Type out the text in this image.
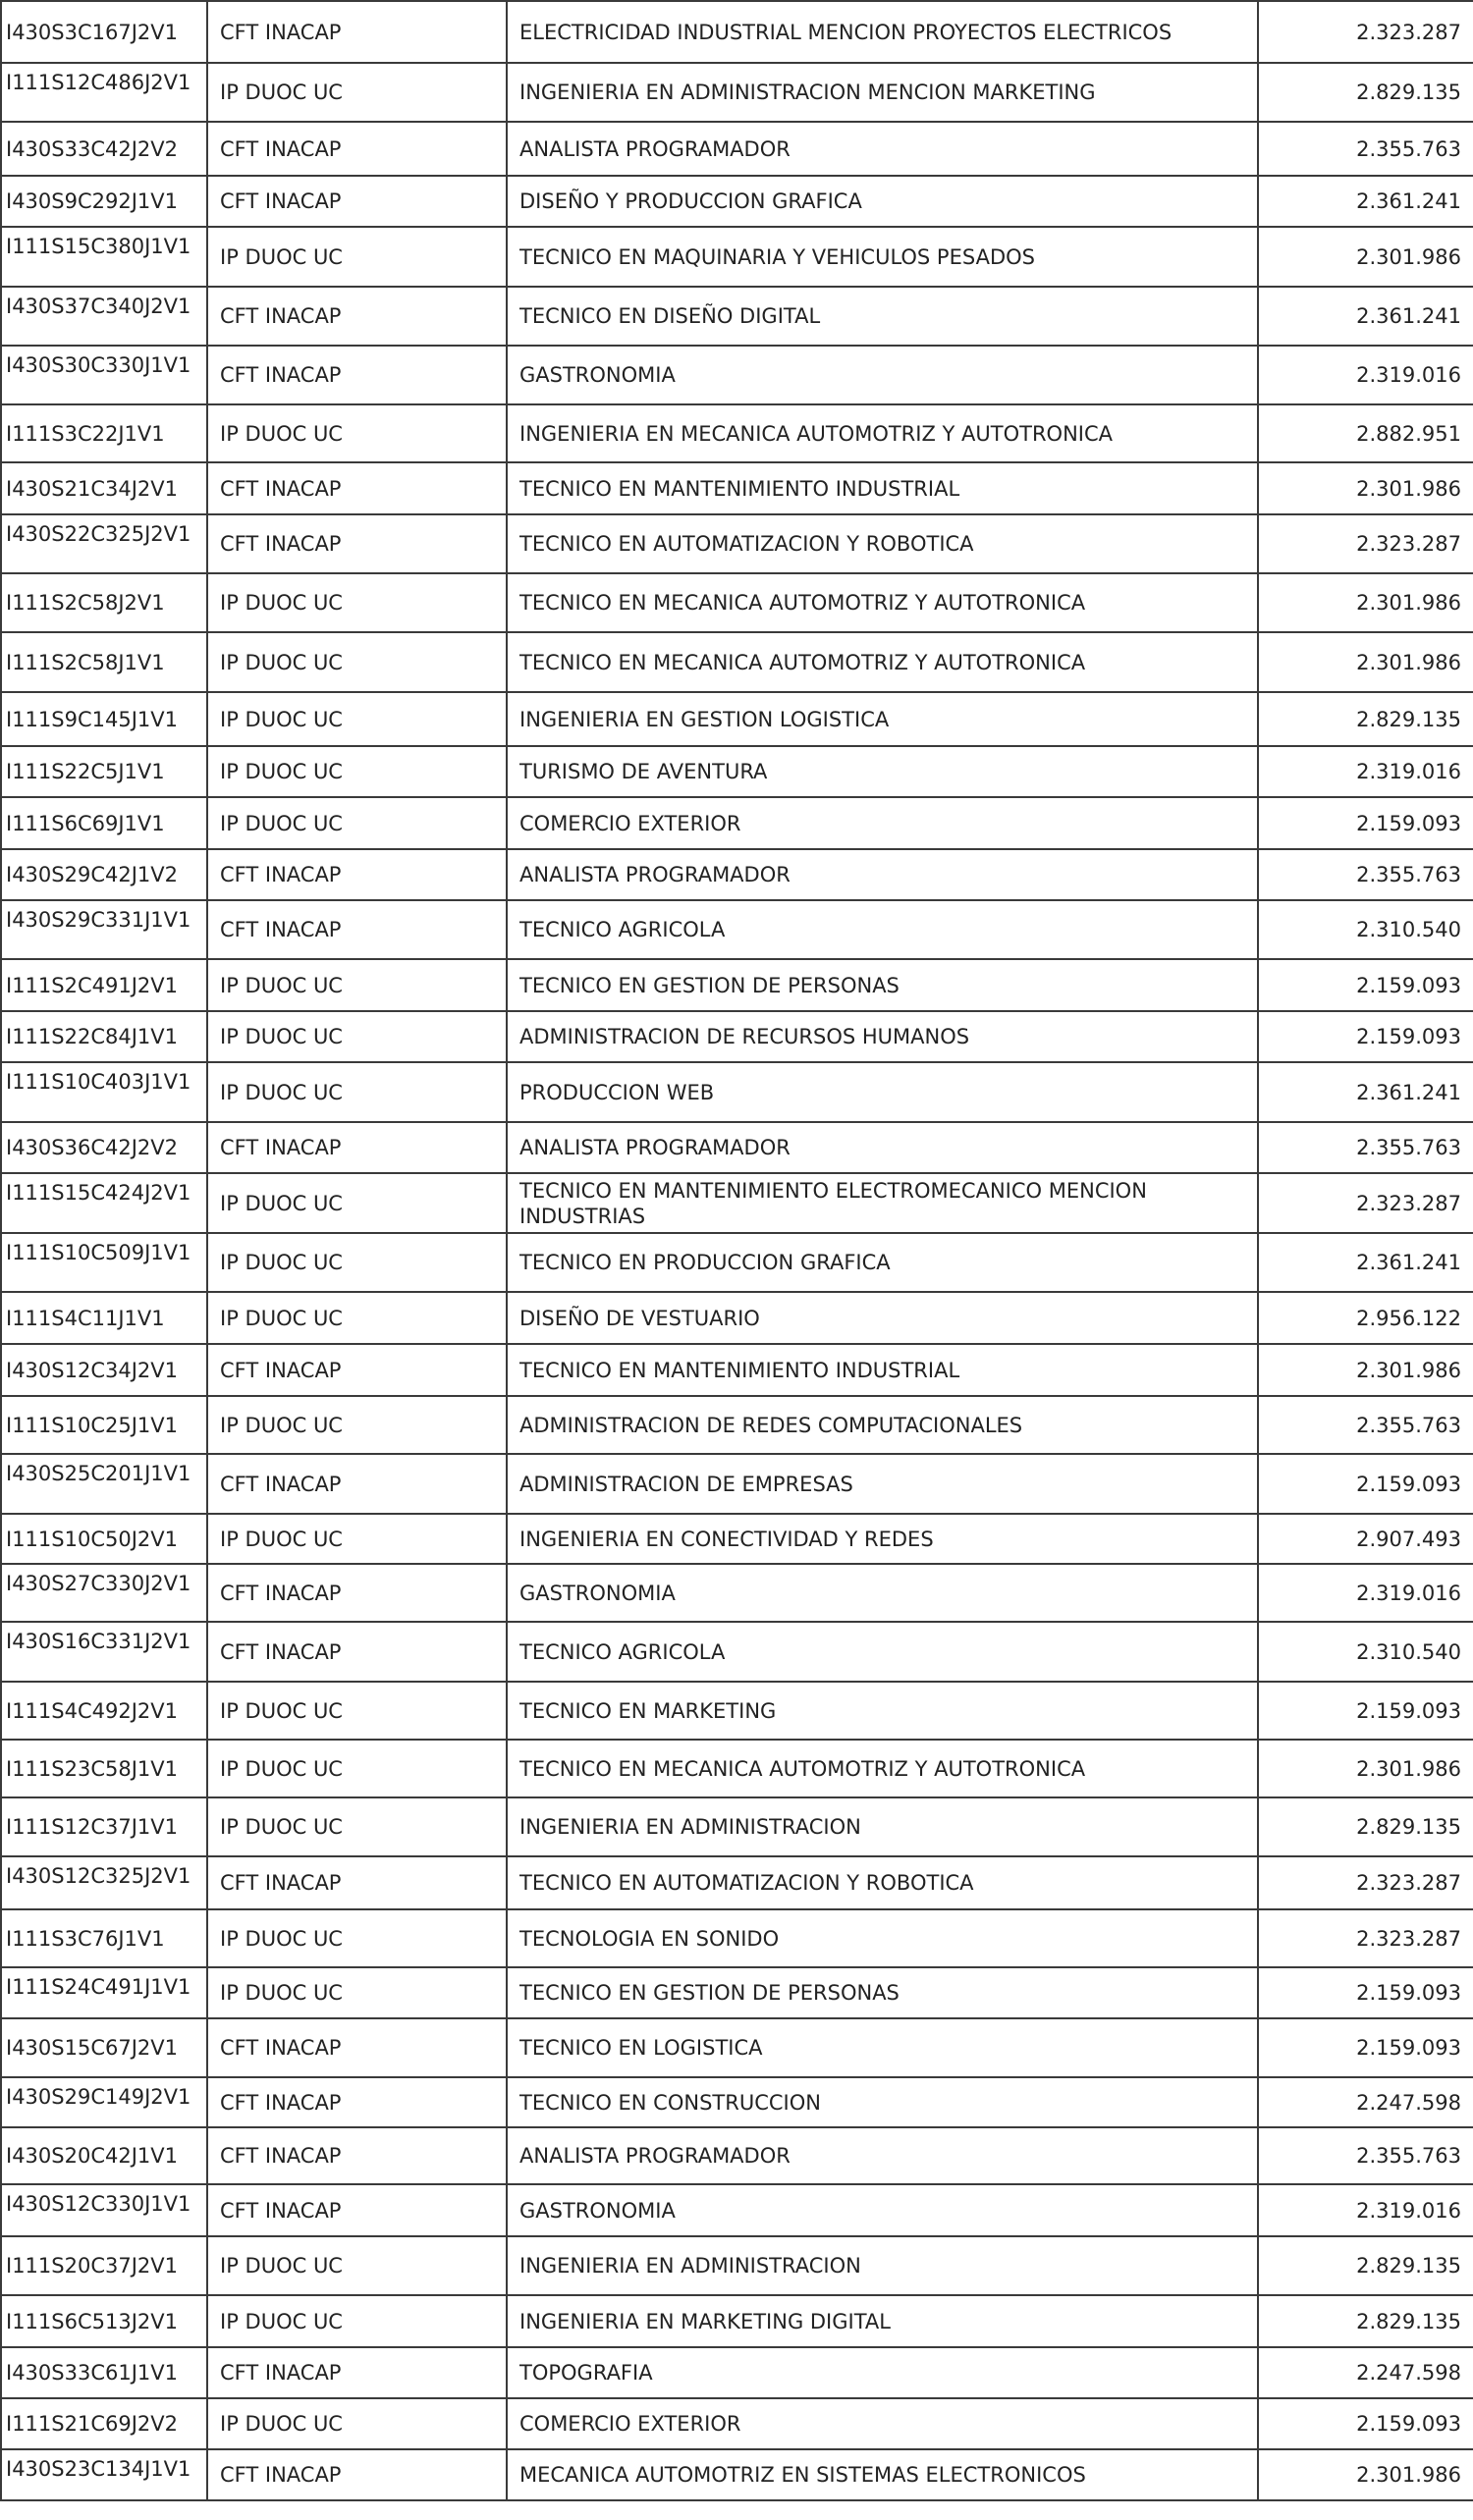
I430S3C167J2V1	CFT INACAP	ELECTRICIDAD INDUSTRIAL MENCION PROYECTOS ELECTRICOS	2.323.287
I111S12C486J2V1	IP DUOC UC	INGENIERIA EN ADMINISTRACION MENCION MARKETING	2.829.135
I430S33C42J2V2	CFT INACAP	ANALISTA PROGRAMADOR	2.355.763
I430S9C292J1V1	CFT INACAP	DISEÑO Y PRODUCCION GRAFICA	2.361.241
I111S15C380J1V1	IP DUOC UC	TECNICO EN MAQUINARIA Y VEHICULOS PESADOS	2.301.986
I430S37C340J2V1	CFT INACAP	TECNICO EN DISEÑO DIGITAL	2.361.241
I430S30C330J1V1	CFT INACAP	GASTRONOMIA	2.319.016
I111S3C22J1V1	IP DUOC UC	INGENIERIA EN MECANICA AUTOMOTRIZ Y AUTOTRONICA	2.882.951
I430S21C34J2V1	CFT INACAP	TECNICO EN MANTENIMIENTO INDUSTRIAL	2.301.986
I430S22C325J2V1	CFT INACAP	TECNICO EN AUTOMATIZACION Y ROBOTICA	2.323.287
I111S2C58J2V1	IP DUOC UC	TECNICO EN MECANICA AUTOMOTRIZ Y AUTOTRONICA	2.301.986
I111S2C58J1V1	IP DUOC UC	TECNICO EN MECANICA AUTOMOTRIZ Y AUTOTRONICA	2.301.986
I111S9C145J1V1	IP DUOC UC	INGENIERIA EN GESTION LOGISTICA	2.829.135
I111S22C5J1V1	IP DUOC UC	TURISMO DE AVENTURA	2.319.016
I111S6C69J1V1	IP DUOC UC	COMERCIO EXTERIOR	2.159.093
I430S29C42J1V2	CFT INACAP	ANALISTA PROGRAMADOR	2.355.763
I430S29C331J1V1	CFT INACAP	TECNICO AGRICOLA	2.310.540
I111S2C491J2V1	IP DUOC UC	TECNICO EN GESTION DE PERSONAS	2.159.093
I111S22C84J1V1	IP DUOC UC	ADMINISTRACION DE RECURSOS HUMANOS	2.159.093
I111S10C403J1V1	IP DUOC UC	PRODUCCION WEB	2.361.241
I430S36C42J2V2	CFT INACAP	ANALISTA PROGRAMADOR	2.355.763
I111S15C424J2V1	IP DUOC UC	TECNICO EN MANTENIMIENTO ELECTROMECANICO MENCION INDUSTRIAS	2.323.287
I111S10C509J1V1	IP DUOC UC	TECNICO EN PRODUCCION GRAFICA	2.361.241
I111S4C11J1V1	IP DUOC UC	DISEÑO DE VESTUARIO	2.956.122
I430S12C34J2V1	CFT INACAP	TECNICO EN MANTENIMIENTO INDUSTRIAL	2.301.986
I111S10C25J1V1	IP DUOC UC	ADMINISTRACION DE REDES COMPUTACIONALES	2.355.763
I430S25C201J1V1	CFT INACAP	ADMINISTRACION DE EMPRESAS	2.159.093
I111S10C50J2V1	IP DUOC UC	INGENIERIA EN CONECTIVIDAD Y REDES	2.907.493
I430S27C330J2V1	CFT INACAP	GASTRONOMIA	2.319.016
I430S16C331J2V1	CFT INACAP	TECNICO AGRICOLA	2.310.540
I111S4C492J2V1	IP DUOC UC	TECNICO EN MARKETING	2.159.093
I111S23C58J1V1	IP DUOC UC	TECNICO EN MECANICA AUTOMOTRIZ Y AUTOTRONICA	2.301.986
I111S12C37J1V1	IP DUOC UC	INGENIERIA EN ADMINISTRACION	2.829.135
I430S12C325J2V1	CFT INACAP	TECNICO EN AUTOMATIZACION Y ROBOTICA	2.323.287
I111S3C76J1V1	IP DUOC UC	TECNOLOGIA EN SONIDO	2.323.287
I111S24C491J1V1	IP DUOC UC	TECNICO EN GESTION DE PERSONAS	2.159.093
I430S15C67J2V1	CFT INACAP	TECNICO EN LOGISTICA	2.159.093
I430S29C149J2V1	CFT INACAP	TECNICO EN CONSTRUCCION	2.247.598
I430S20C42J1V1	CFT INACAP	ANALISTA PROGRAMADOR	2.355.763
I430S12C330J1V1	CFT INACAP	GASTRONOMIA	2.319.016
I111S20C37J2V1	IP DUOC UC	INGENIERIA EN ADMINISTRACION	2.829.135
I111S6C513J2V1	IP DUOC UC	INGENIERIA EN MARKETING DIGITAL	2.829.135
I430S33C61J1V1	CFT INACAP	TOPOGRAFIA	2.247.598
I111S21C69J2V2	IP DUOC UC	COMERCIO EXTERIOR	2.159.093
I430S23C134J1V1	CFT INACAP	MECANICA AUTOMOTRIZ EN SISTEMAS ELECTRONICOS	2.301.986
